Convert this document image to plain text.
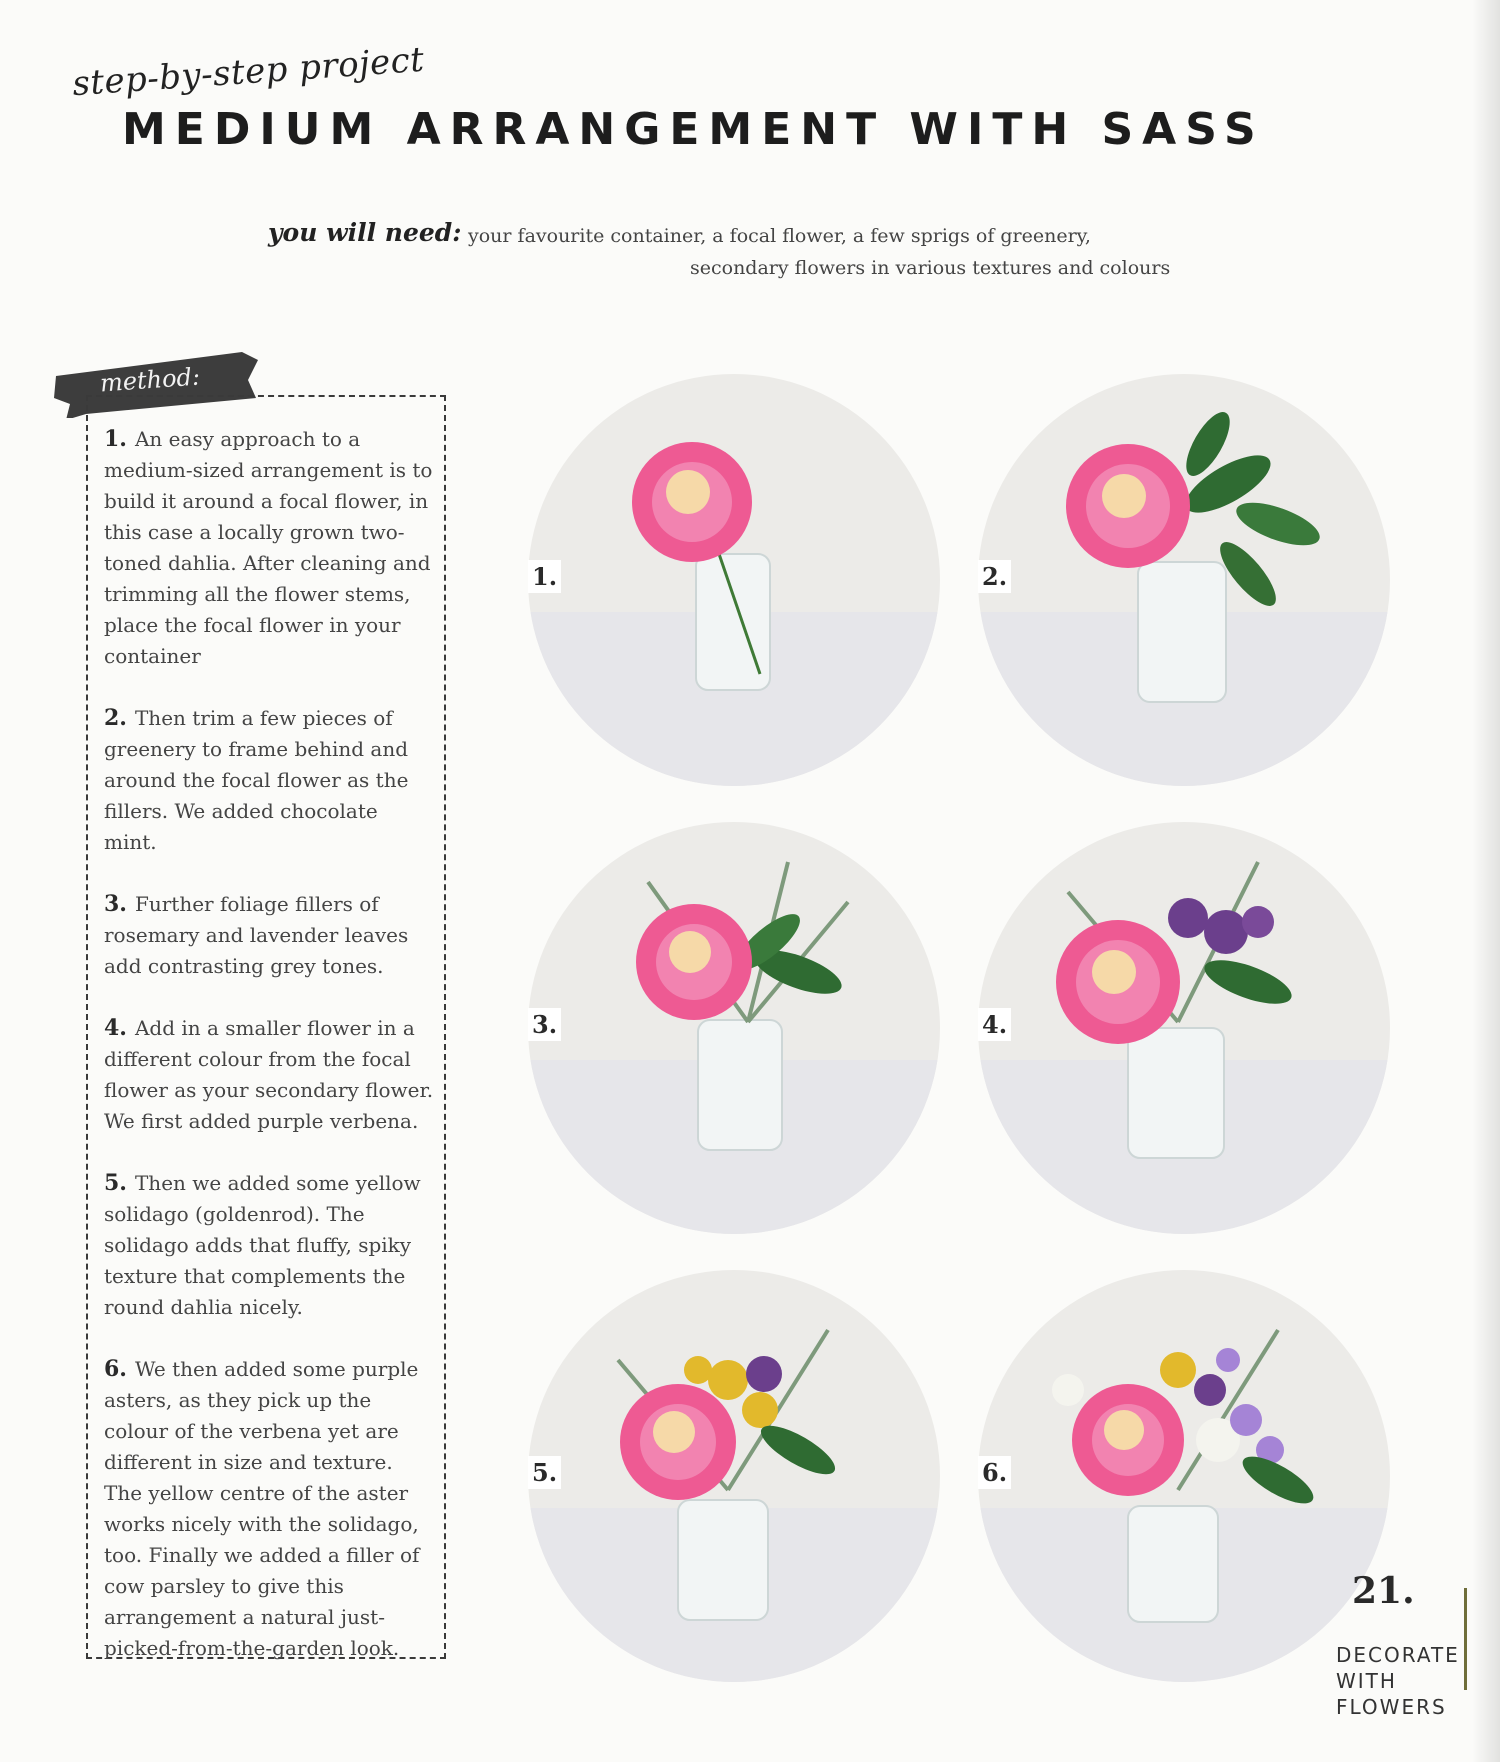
step-by-step project
MEDIUM ARRANGEMENT WITH SASS
you will need: your favourite container, a focal flower, a few sprigs of greenery,
secondary flowers in various textures and colours
method:
1. An easy approach to a medium-sized arrangement is to build it around a focal flower, in this case a locally grown two-toned dahlia. After cleaning and trimming all the flower stems, place the focal flower in your container
2. Then trim a few pieces of greenery to frame behind and around the focal flower as the fillers. We added chocolate mint.
3. Further foliage fillers of rosemary and lavender leaves add contrasting grey tones.
4. Add in a smaller flower in a different colour from the focal flower as your secondary flower. We first added purple verbena.
5. Then we added some yellow solidago (goldenrod). The solidago adds that fluffy, spiky texture that complements the round dahlia nicely.
6. We then added some purple asters, as they pick up the colour of the verbena yet are different in size and texture. The yellow centre of the aster works nicely with the solidago, too. Finally we added a filler of cow parsley to give this arrangement a natural just-picked-from-the-garden look.
1.	2.
3.	4.
5.	6.
21.
DECORATE
WITH
FLOWERS
